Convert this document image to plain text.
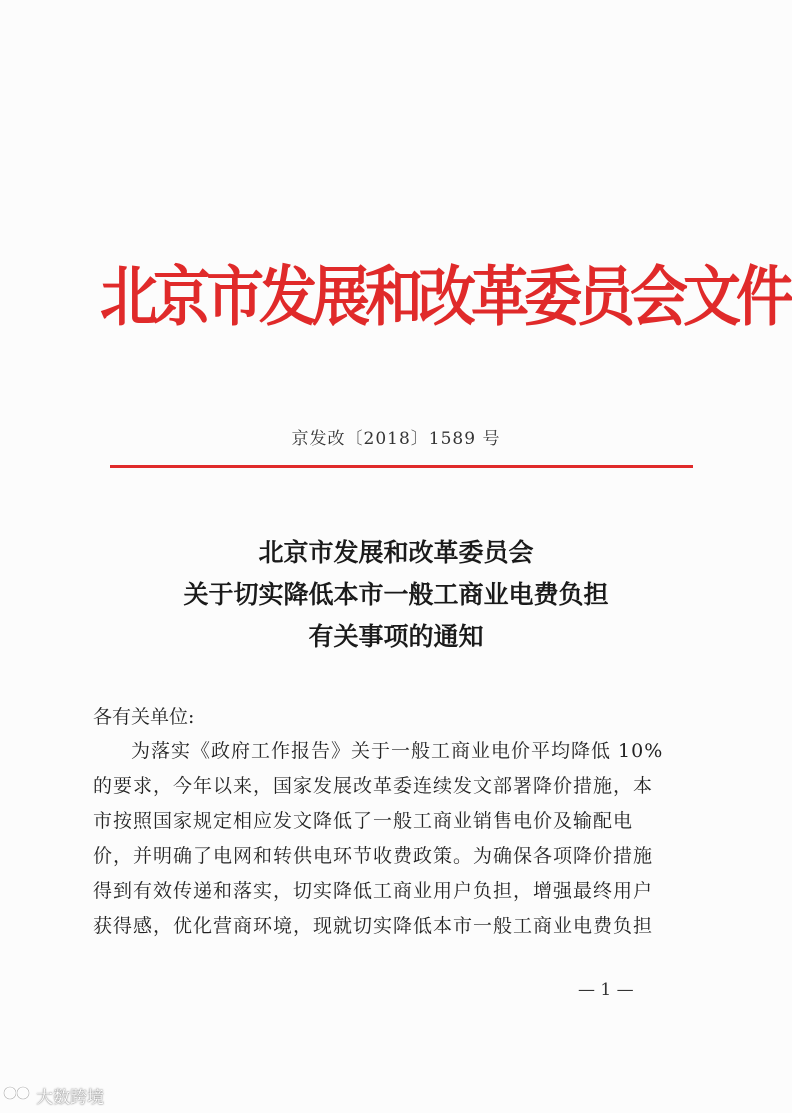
北京市发展和改革委员会文件
京发改〔2018〕1589 号
北京市发展和改革委员会
关于切实降低本市一般工商业电费负担
有关事项的通知
各有关单位:
为落实《政府工作报告》关于一般工商业电价平均降低 10%
的要求，今年以来，国家发展改革委连续发文部署降价措施，本
市按照国家规定相应发文降低了一般工商业销售电价及输配电
价，并明确了电网和转供电环节收费政策。为确保各项降价措施
得到有效传递和落实，切实降低工商业用户负担，增强最终用户
获得感，优化营商环境，现就切实降低本市一般工商业电费负担
— 1 —
大数跨境
